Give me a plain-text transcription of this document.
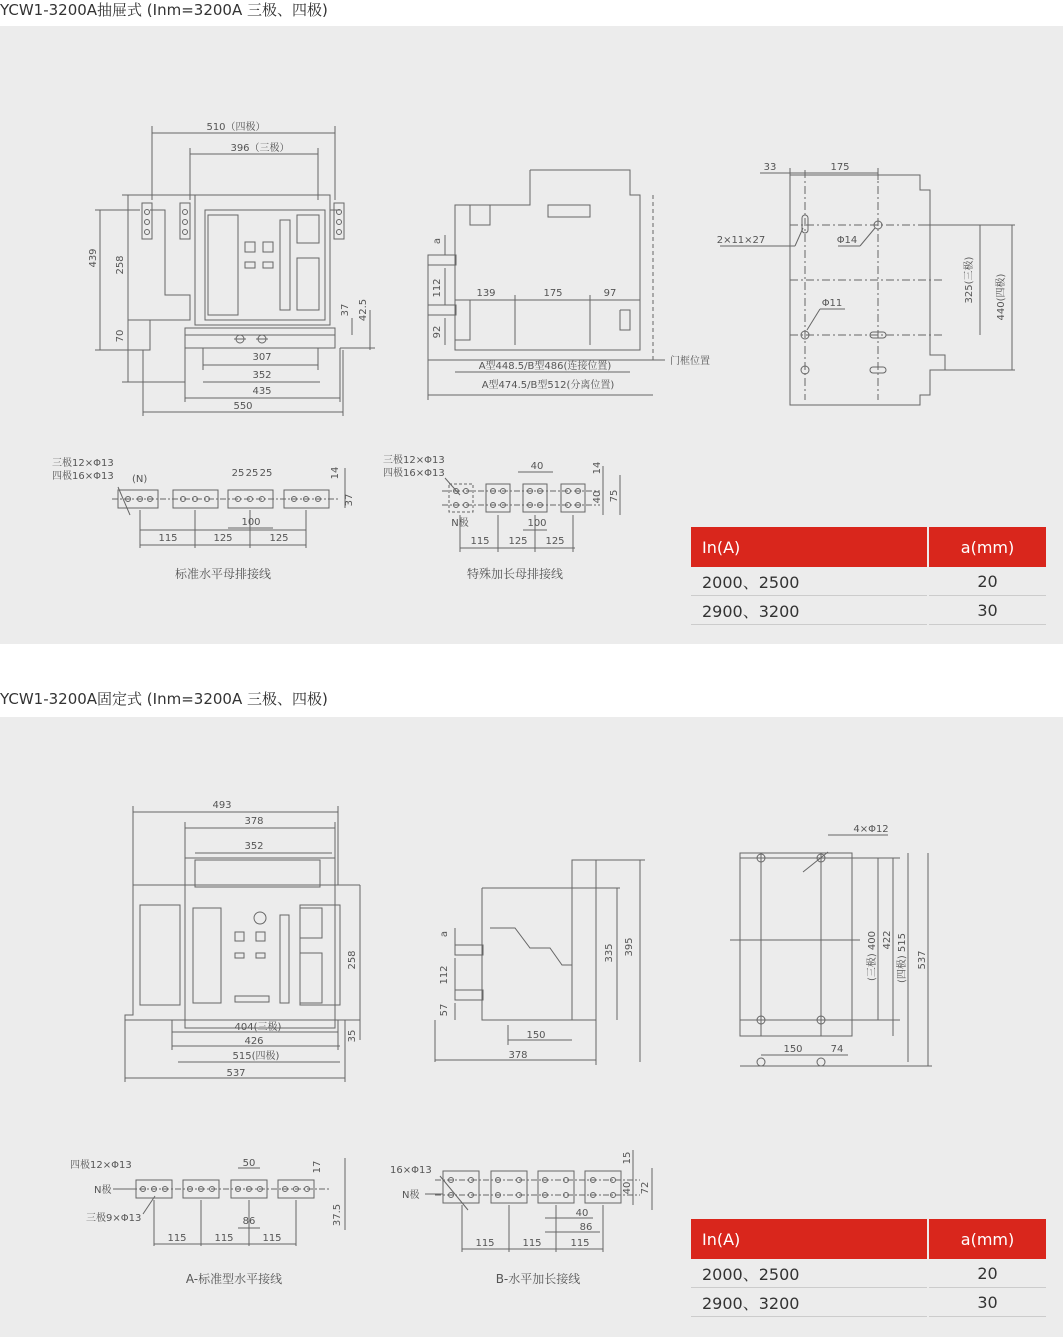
YCW1-3200A抽屉式 (Inm=3200A 三极、四极)
510（四极）
396（三极）
439 258
70
37 42.5
307
352
435
550
a
112
92
139	175	97
A型448.5/B型486(连接位置)
A型474.5/B型512(分离位置)
门框位置
33	175
2×11×27	Φ14
Φ11
325(三极) 440(四极)
三极12×Φ13
四极16×Φ13 (N)
25 25 25	14
37
100
115	125	125
标准水平母排接线
三极12×Φ13
四极16×Φ13
N极
40	14
40 75
100
115 125 125
特殊加长母排接线
In(A)	a(mm)
2000、2500	20
2900、3200	30
YCW1-3200A固定式 (Inm=3200A 三极、四极)
493
378
352
258
35
404(三极)
426
515(四极)
537
a
112
57
335 395
150
378
4×Φ12
(三极) 400 422 (四极) 515 537
150	74
四极12×Φ13
N极
三极9×Φ13
50	17
37.5
86
115	115	115
A-标准型水平接线
16×Φ13
N极
15
40 72
40
86
115	115	115
B-水平加长接线
In(A)	a(mm)
2000、2500	20
2900、3200	30
